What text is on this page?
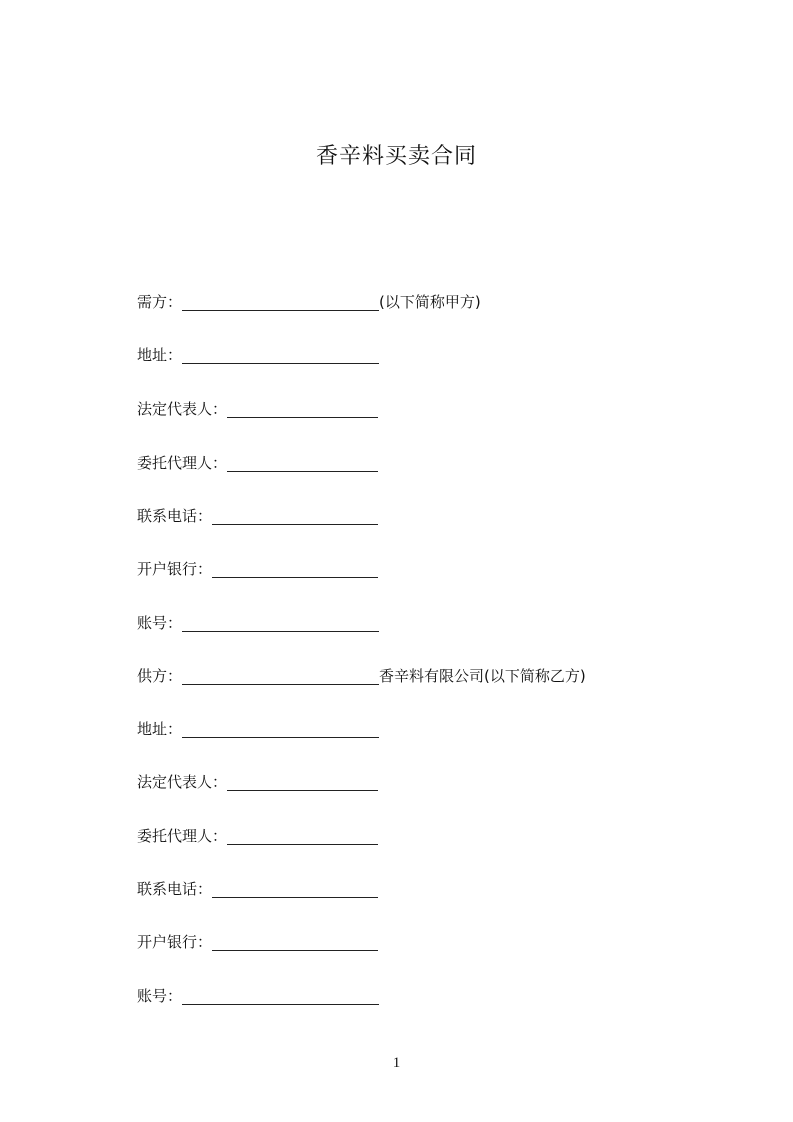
香辛料买卖合同
需方：	(以下简称甲方)
地址：
法定代表人：
委托代理人：
联系电话：
开户银行：
账号：
供方：	香辛料有限公司(以下简称乙方)
地址：
法定代表人：
委托代理人：
联系电话：
开户银行：
账号：
1
